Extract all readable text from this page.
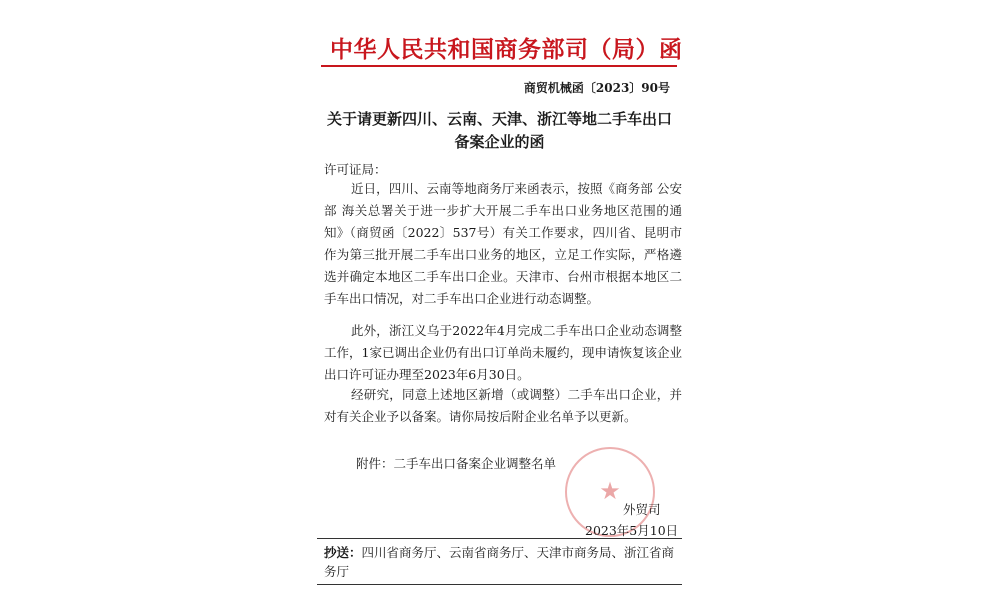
中华人民共和国商务部司（局）函
商贸机械函〔2023〕90号
关于请更新四川、云南、天津、浙江等地二手车出口
备案企业的函
许可证局：

近日，四川、云南等地商务厅来函表示，按照《商务部 公安部 海关总署关于进一步扩大开展二手车出口业务地区范围的通知》（商贸函〔2022〕537号）有关工作要求，四川省、昆明市作为第三批开展二手车出口业务的地区，立足工作实际，严格遴选并确定本地区二手车出口企业。天津市、台州市根据本地区二手车出口情况，对二手车出口企业进行动态调整。

此外，浙江义乌于2022年4月完成二手车出口企业动态调整工作，1家已调出企业仍有出口订单尚未履约，现申请恢复该企业出口许可证办理至2023年6月30日。

经研究，同意上述地区新增（或调整）二手车出口企业，并对有关企业予以备案。请你局按后附企业名单予以更新。

附件：二手车出口备案企业调整名单
★
外贸司
2023年5月10日

抄送：四川省商务厅、云南省商务厅、天津市商务局、浙江省商务厅
